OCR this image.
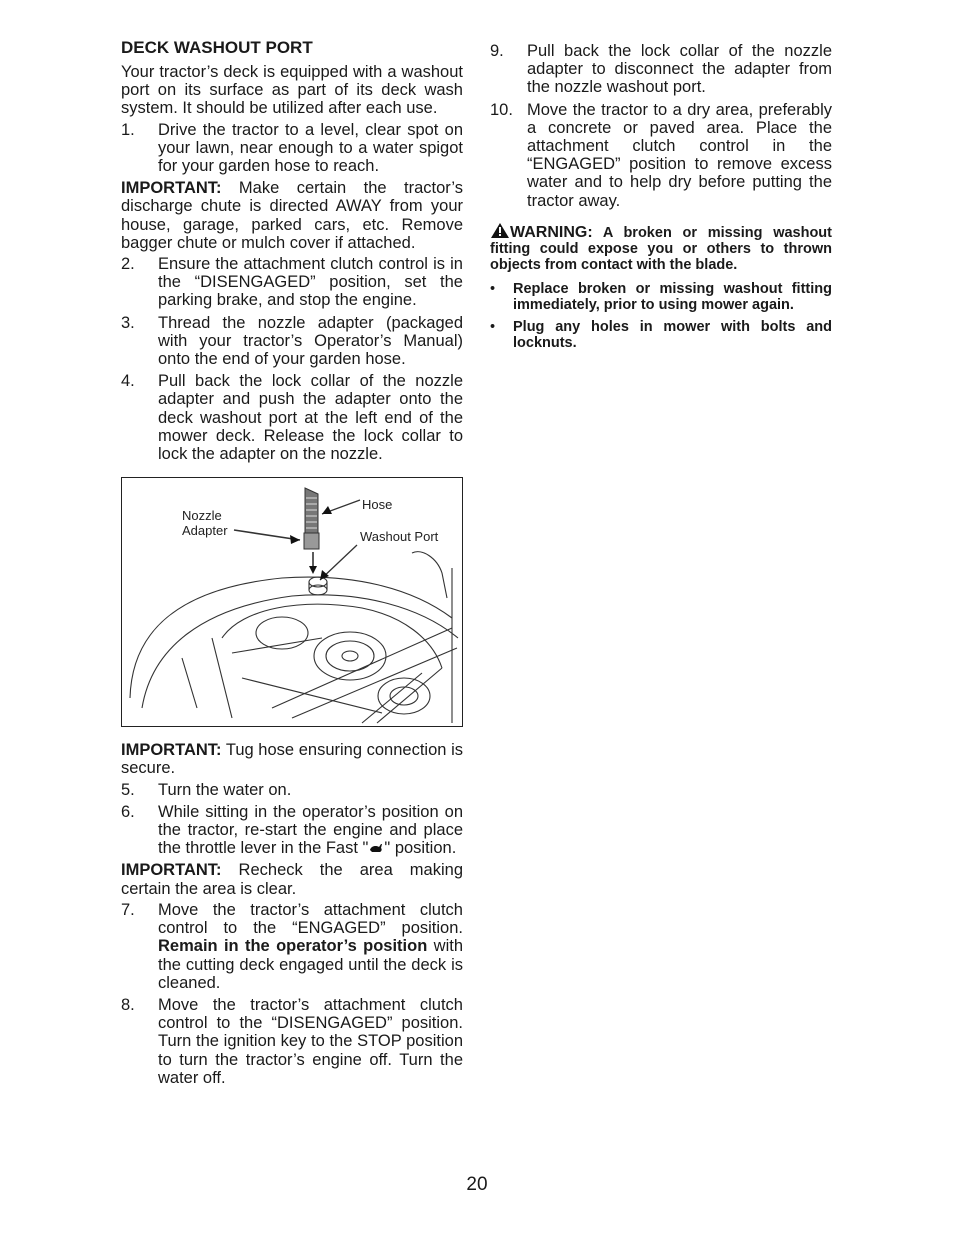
DECK WASHOUT PORT

Your tractor’s deck is equipped with a washout port on its surface as part of its deck wash system. It should be utilized after each use.

1. Drive the tractor to a level, clear spot on your lawn, near enough to a water spigot for your garden hose to reach.

IMPORTANT: Make certain the tractor’s discharge chute is directed AWAY from your house, garage, parked cars, etc. Remove bagger chute or mulch cover if attached.

2. Ensure the attachment clutch control is in the “DISENGAGED” position, set the parking brake, and stop the engine.
3. Thread the nozzle adapter (packaged with your tractor’s Operator’s Manual) onto the end of your garden hose.
4. Pull back the lock collar of the nozzle adapter and push the adapter onto the deck washout port at the left end of the mower deck. Release the lock collar to lock the adapter on the nozzle.
Nozzle
Adapter
Hose
Washout Port

IMPORTANT: Tug hose ensuring connection is secure.

5. Turn the water on.
6. While sitting in the operator’s position on the tractor, re-start the engine and place the throttle lever in the Fast " " position.

IMPORTANT: Recheck the area making certain the area is clear.

7. Move the tractor’s attachment clutch control to the “ENGAGED” position. Remain in the operator’s position with the cutting deck engaged until the deck is cleaned.
8. Move the tractor’s attachment clutch control to the “DISENGAGED” position. Turn the ignition key to the STOP position to turn the tractor’s engine off. Turn the water off.
9. Pull back the lock collar of the nozzle adapter to disconnect the adapter from the nozzle washout port.
10. Move the tractor to a dry area, preferably a concrete or paved area. Place the attachment clutch control in the “ENGAGED” position to remove excess water and to help dry before putting the tractor away.
WARNING: A broken or missing washout fitting could expose you or others to thrown objects from contact with the blade.
• Replace broken or missing washout fitting immediately, prior to using mower again.
• Plug any holes in mower with bolts and locknuts.
20
